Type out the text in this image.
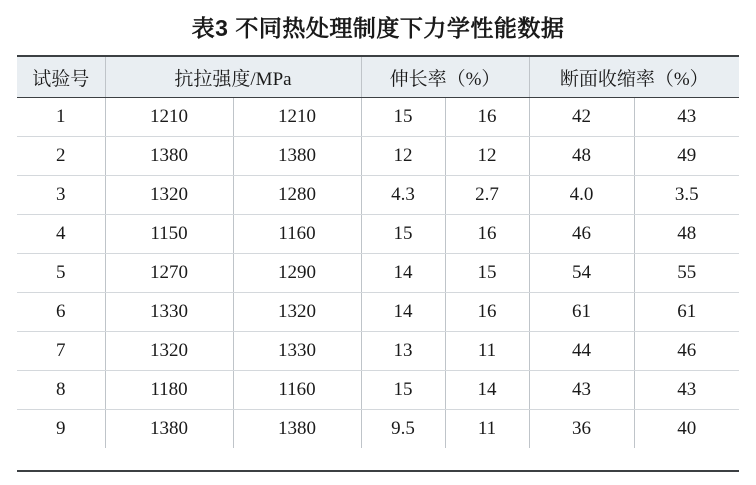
表3 不同热处理制度下力学性能数据
试验号	抗拉强度/MPa		伸长率（%）		断面收缩率（%）	
1	1210	1210	15	16	42	43
2	1380	1380	12	12	48	49
3	1320	1280	4.3	2.7	4.0	3.5
4	1150	1160	15	16	46	48
5	1270	1290	14	15	54	55
6	1330	1320	14	16	61	61
7	1320	1330	13	11	44	46
8	1180	1160	15	14	43	43
9	1380	1380	9.5	11	36	40
